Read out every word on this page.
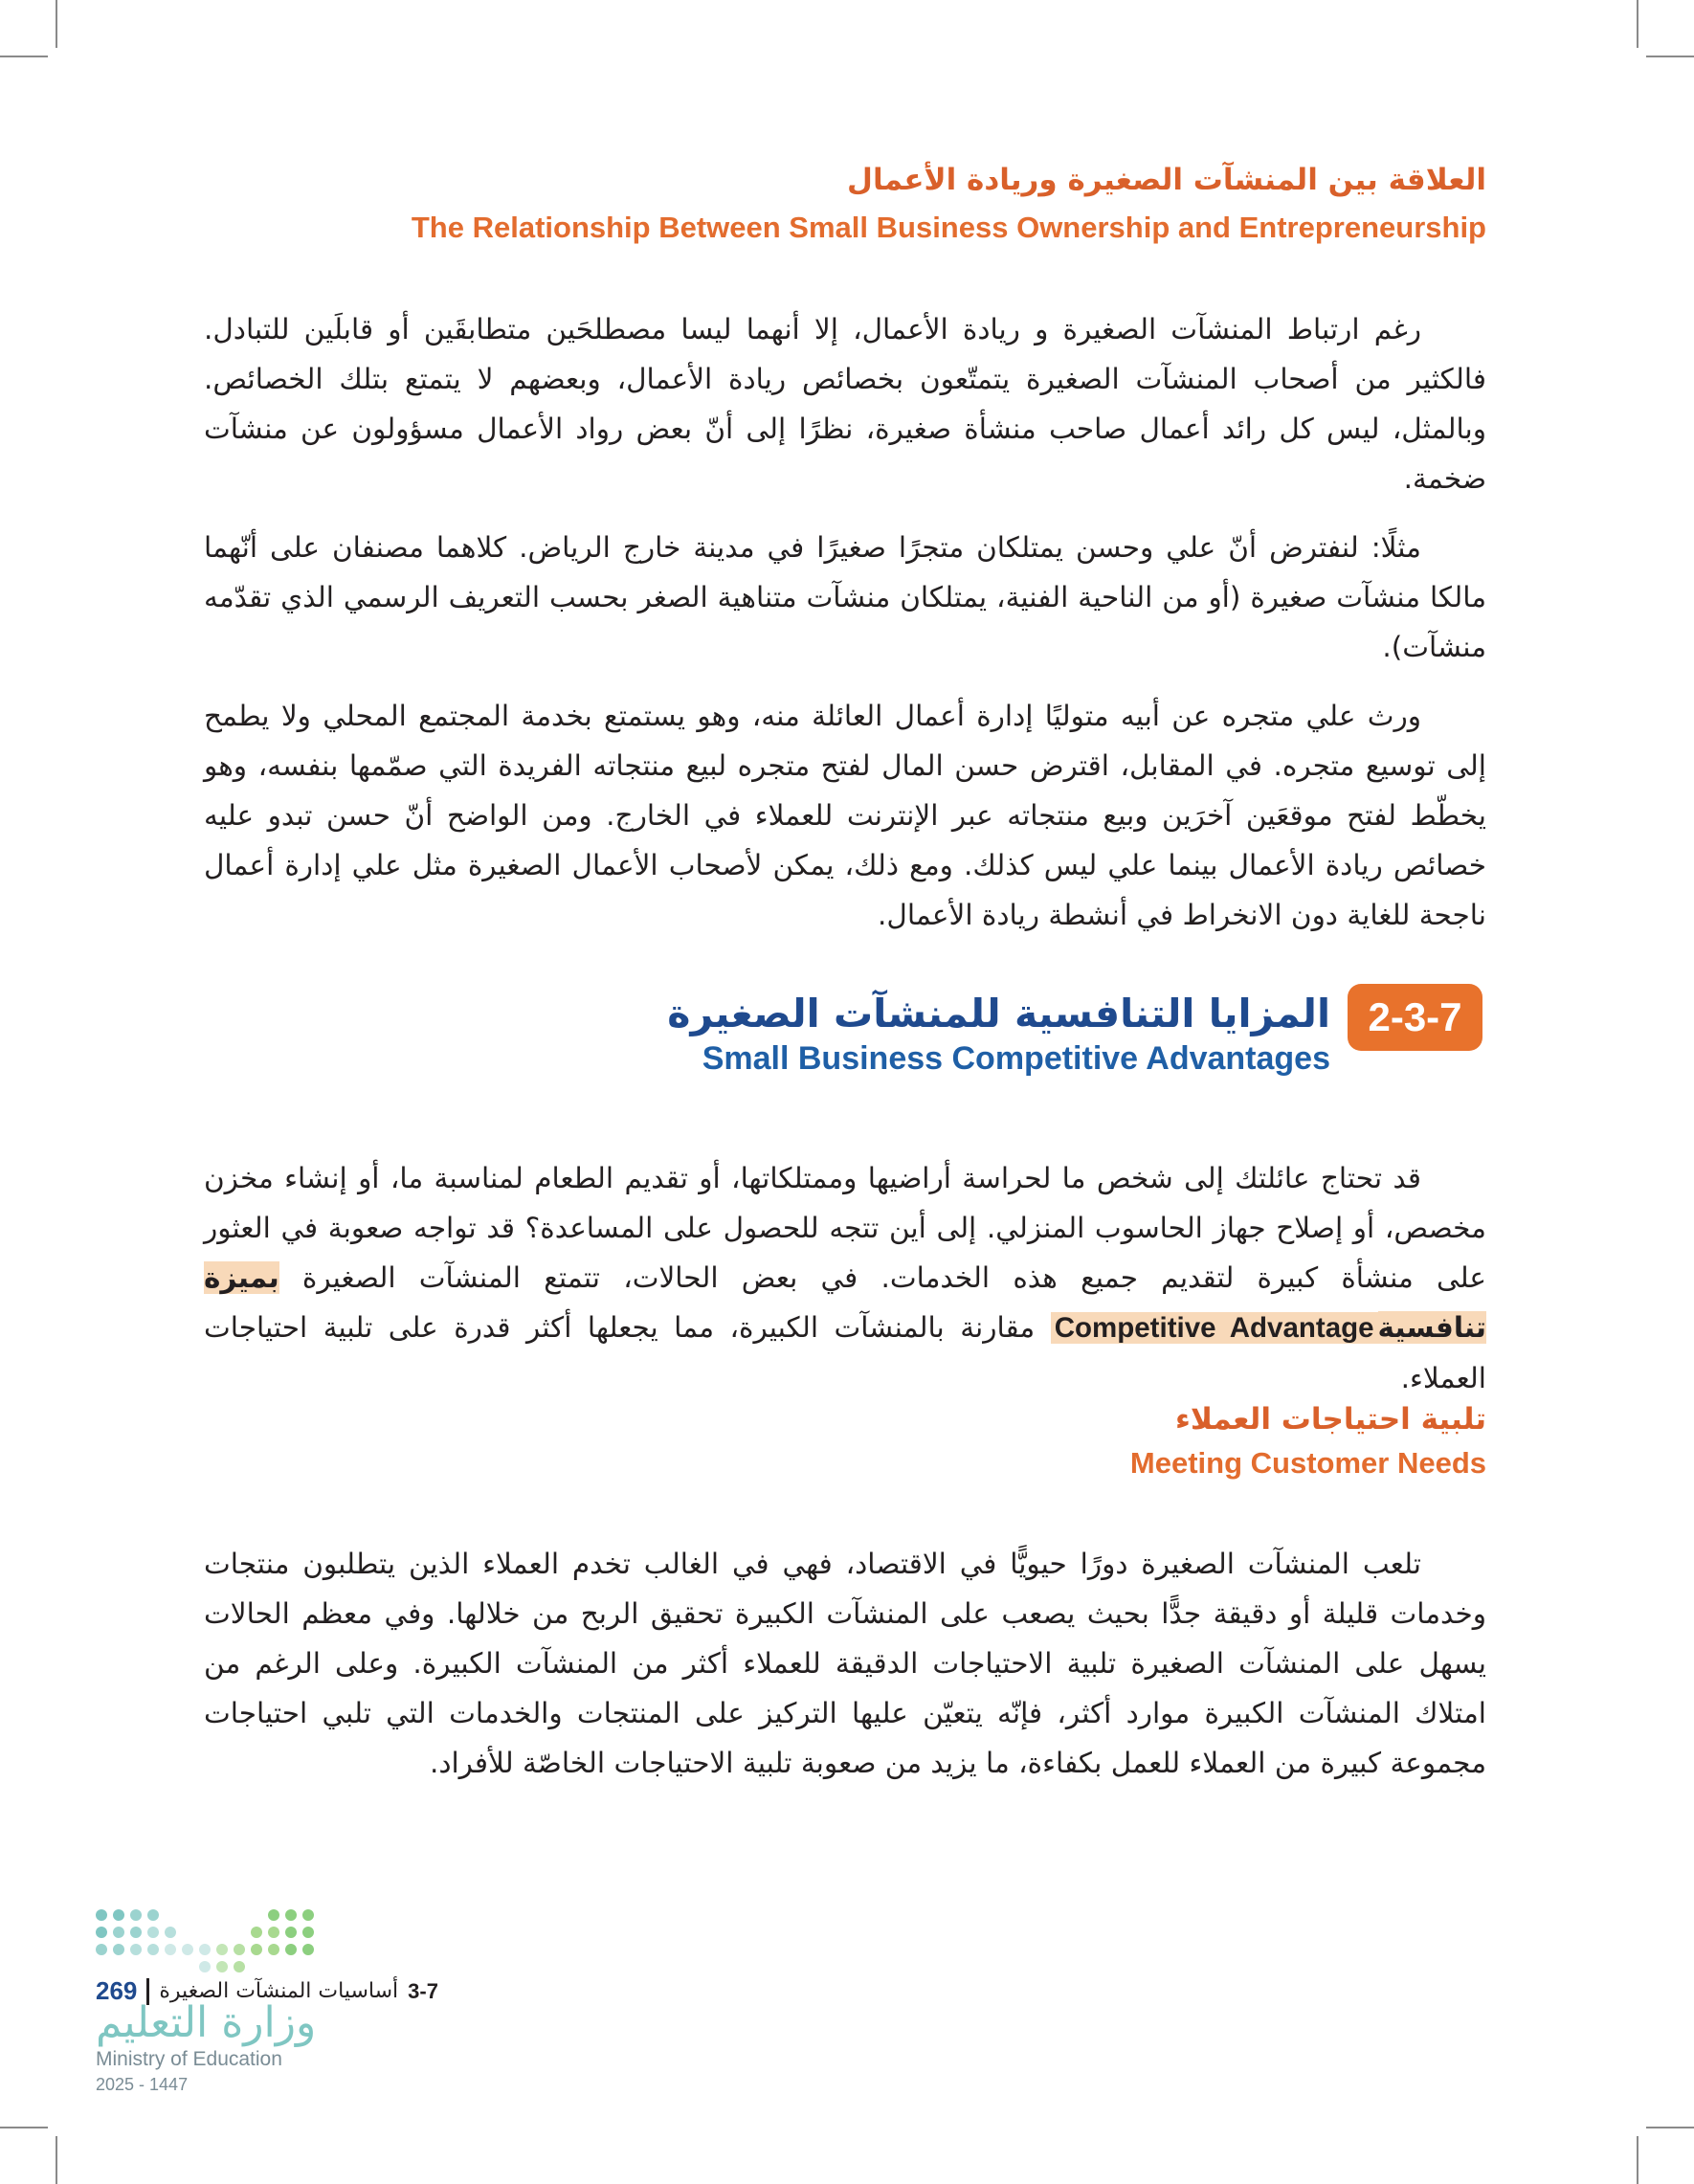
العلاقة بين المنشآت الصغيرة وريادة الأعمال
The Relationship Between Small Business Ownership and Entrepreneurship

رغم ارتباط المنشآت الصغيرة و ريادة الأعمال، إلا أنهما ليسا مصطلحَين متطابقَين أو قابلَين للتبادل. فالكثير من أصحاب المنشآت الصغيرة يتمتّعون بخصائص ريادة الأعمال، وبعضهم لا يتمتع بتلك الخصائص. وبالمثل، ليس كل رائد أعمال صاحب منشأة صغيرة، نظرًا إلى أنّ بعض رواد الأعمال مسؤولون عن منشآت ضخمة.

مثلًا: لنفترض أنّ علي وحسن يمتلكان متجرًا صغيرًا في مدينة خارج الرياض. كلاهما مصنفان على أنّهما مالكا منشآت صغيرة (أو من الناحية الفنية، يمتلكان منشآت متناهية الصغر بحسب التعريف الرسمي الذي تقدّمه منشآت).

ورث علي متجره عن أبيه متوليًا إدارة أعمال العائلة منه، وهو يستمتع بخدمة المجتمع المحلي ولا يطمح إلى توسيع متجره. في المقابل، اقترض حسن المال لفتح متجره لبيع منتجاته الفريدة التي صمّمها بنفسه، وهو يخطّط لفتح موقعَين آخرَين وبيع منتجاته عبر الإنترنت للعملاء في الخارج. ومن الواضح أنّ حسن تبدو عليه خصائص ريادة الأعمال بينما علي ليس كذلك. ومع ذلك، يمكن لأصحاب الأعمال الصغيرة مثل علي إدارة أعمال ناجحة للغاية دون الانخراط في أنشطة ريادة الأعمال.

2-3-7
المزايا التنافسية للمنشآت الصغيرة
Small Business Competitive Advantages

قد تحتاج عائلتك إلى شخص ما لحراسة أراضيها وممتلكاتها، أو تقديم الطعام لمناسبة ما، أو إنشاء مخزن مخصص، أو إصلاح جهاز الحاسوب المنزلي. إلى أين تتجه للحصول على المساعدة؟ قد تواجه صعوبة في العثور على منشأة كبيرة لتقديم جميع هذه الخدمات. في بعض الحالات، تتمتع المنشآت الصغيرة بميزة تنافسيةCompetitive Advantage مقارنة بالمنشآت الكبيرة، مما يجعلها أكثر قدرة على تلبية احتياجات العملاء.

تلبية احتياجات العملاء
Meeting Customer Needs

تلعب المنشآت الصغيرة دورًا حيويًّا في الاقتصاد، فهي في الغالب تخدم العملاء الذين يتطلبون منتجات وخدمات قليلة أو دقيقة جدًّا بحيث يصعب على المنشآت الكبيرة تحقيق الربح من خلالها. وفي معظم الحالات يسهل على المنشآت الصغيرة تلبية الاحتياجات الدقيقة للعملاء أكثر من المنشآت الكبيرة. وعلى الرغم من امتلاك المنشآت الكبيرة موارد أكثر، فإنّه يتعيّن عليها التركيز على المنتجات والخدمات التي تلبي احتياجات مجموعة كبيرة من العملاء للعمل بكفاءة، ما يزيد من صعوبة تلبية الاحتياجات الخاصّة للأفراد.

269 أساسيات المنشآت الصغيرة 3-7
وزارة التعليم
Ministry of Education
2025 - 1447
